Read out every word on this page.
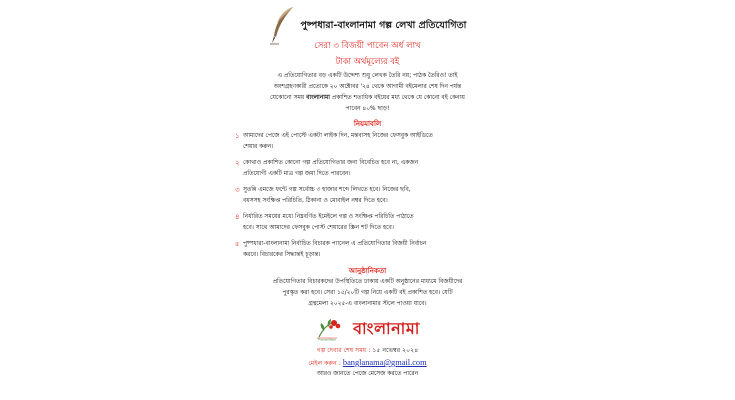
পুষ্পধারা-বাংলানামা গল্প লেখা প্রতিযোগিতা
সেরা ৩ বিজয়ী পাবেন অর্ধ লাখ
টাকা অর্থমূল্যের বই
এ প্রতিযোগিতার বড় একটি উদ্দেশ্য শুধু লেখক তৈরি নয়; পাঠক তৈরিও! তাই
অংশগ্রহণকারী প্রত্যেকে ২০ অক্টোবর '২৪ থেকে আগামী বইমেলার শেষ দিন পর্যন্ত
যেকোনো সময় বাংলানামা প্রকাশিত শতাধিক বইয়ের মধ্য থেকে যে কোনো বই কেনায়
পাবেন ৪০% ছাড়!
নিয়মাবলি
১ আমাদের পেজে এই পোস্টে একটা লাইক দিন, মন্তব্যসহ নিজের ফেসবুক আইডিতে
শেয়ার করুন।
২ কোথাও প্রকাশিত কোনো গল্প প্রতিযোগিতার জন্য বিবেচিত হবে না, একজন
প্রতিযোগী একটি মাত্র গল্প জমা দিতে পারবেন।
৩ সুতন্নি এমজে ফন্টে গল্প সর্বোচ্চ ৩ হাজার শব্দে লিখতে হবে। নিজের ছবি,
বয়সসহ সংক্ষিপ্ত পরিচিতি, ঠিকানা ও মোবাইল নম্বর দিতে হবে।
৪ নির্ধারিত সময়ের মধ্যে নিম্নবর্ণিত ইমেইলে গল্প ও সংক্ষিপ্ত পরিচিতি পাঠাতে
হবে। সাথে আমাদের ফেসবুক পোস্ট শেয়ারের স্ক্রিন শট দিতে হবে।
৫ পুষ্পধারা-বাংলানামা নির্বাচিত বিচারক প্যানেল এ প্রতিযোগিতার বিজয়ী নির্বাচন
করবে। বিচারকের সিদ্ধান্তই চূড়ান্ত।
আনুষ্ঠানিকতা
প্রতিযোগিতার বিচারকদের উপস্থিতিতে ঢাকায় একটি অনুষ্ঠানের মাধ্যমে বিজয়ীদের
পুরস্কৃত করা হবে। সেরা ১৫/২০টি গল্প নিয়ে একটি বই প্রকাশিত হবে। যেটি
গ্রন্থমেলা ২০২৫-এ বাংলানামার স্টলে পাওয়া যাবে।
Pushpodhara
বাংলানামা
গল্প দেবার শেষ সময় : ১৫ নভেম্বর ২০২৪
মেইল করুন : banglanama@gmail.com
আরও জানতে পেজে মেসেজ করতে পারেন
